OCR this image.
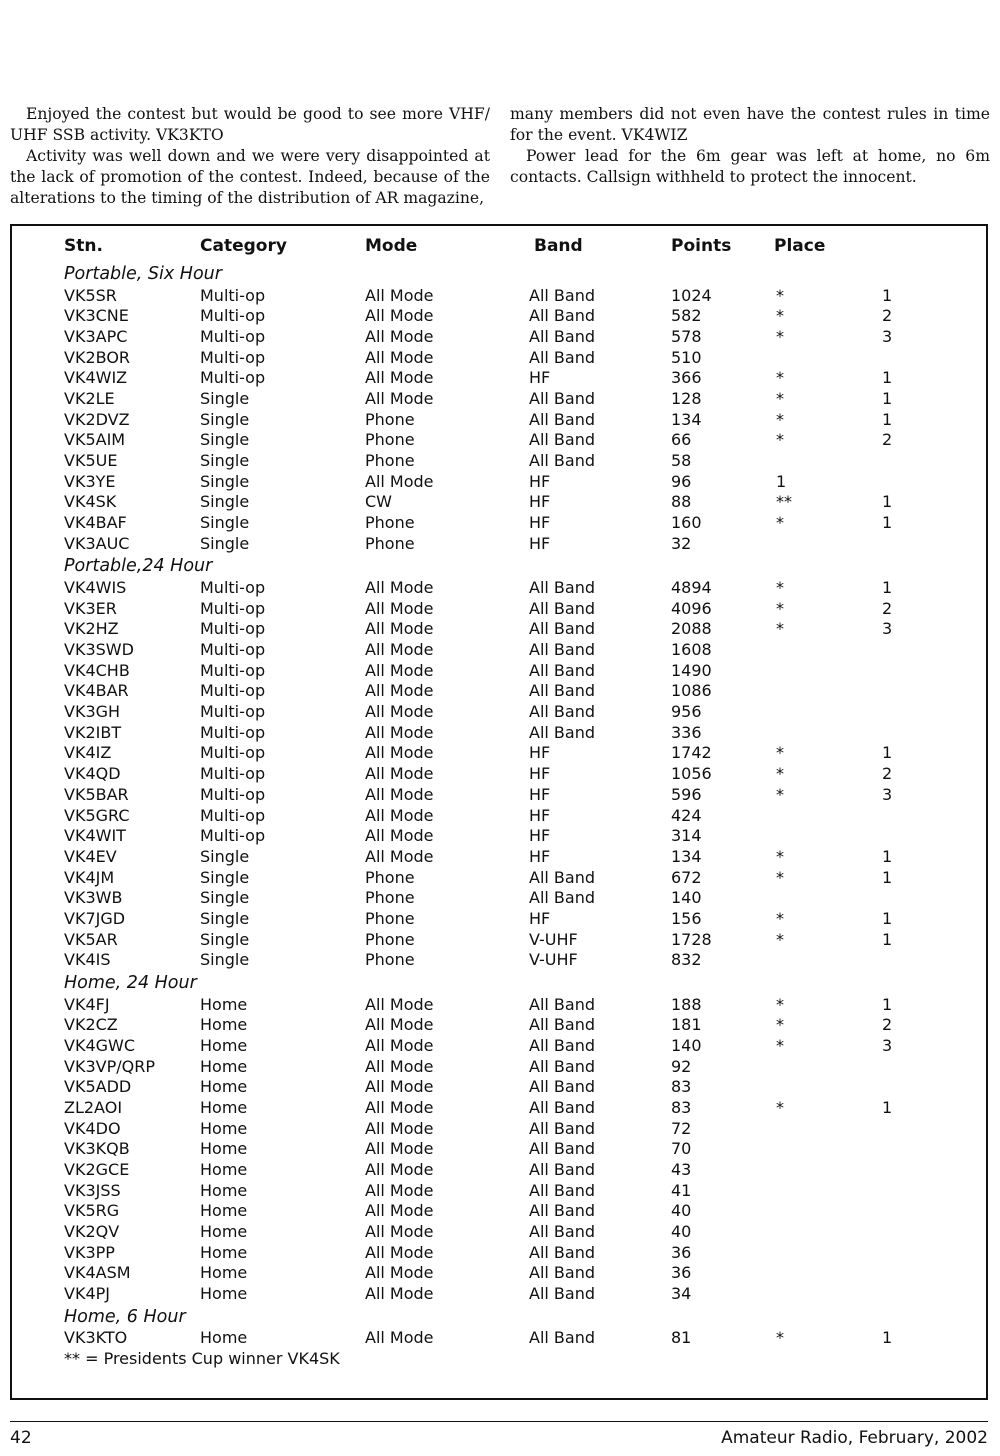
Enjoyed the contest but would be good to see more VHF/ UHF SSB activity. VK3KTO

Activity was well down and we were very disappointed at the lack of promotion of the contest. Indeed, because of the alterations to the timing of the distribution of AR magazine,

many members did not even have the contest rules in time for the event. VK4WIZ

Power lead for the 6m gear was left at home, no 6m contacts. Callsign withheld to protect the innocent.

Stn.	Category	Mode	Band	Points	Place
Portable, Six Hour
VK5SR	Multi-op	All Mode	All Band	1024	*	1
VK3CNE	Multi-op	All Mode	All Band	582	*	2
VK3APC	Multi-op	All Mode	All Band	578	*	3
VK2BOR	Multi-op	All Mode	All Band	510
VK4WIZ	Multi-op	All Mode	HF	366	*	1
VK2LE	Single	All Mode	All Band	128	*	1
VK2DVZ	Single	Phone	All Band	134	*	1
VK5AIM	Single	Phone	All Band	66	*	2
VK5UE	Single	Phone	All Band	58
VK3YE	Single	All Mode	HF	96	1
VK4SK	Single	CW	HF	88	**	1
VK4BAF	Single	Phone	HF	160	*	1
VK3AUC	Single	Phone	HF	32
Portable,24 Hour
VK4WIS	Multi-op	All Mode	All Band	4894	*	1
VK3ER	Multi-op	All Mode	All Band	4096	*	2
VK2HZ	Multi-op	All Mode	All Band	2088	*	3
VK3SWD	Multi-op	All Mode	All Band	1608
VK4CHB	Multi-op	All Mode	All Band	1490
VK4BAR	Multi-op	All Mode	All Band	1086
VK3GH	Multi-op	All Mode	All Band	956
VK2IBT	Multi-op	All Mode	All Band	336
VK4IZ	Multi-op	All Mode	HF	1742	*	1
VK4QD	Multi-op	All Mode	HF	1056	*	2
VK5BAR	Multi-op	All Mode	HF	596	*	3
VK5GRC	Multi-op	All Mode	HF	424
VK4WIT	Multi-op	All Mode	HF	314
VK4EV	Single	All Mode	HF	134	*	1
VK4JM	Single	Phone	All Band	672	*	1
VK3WB	Single	Phone	All Band	140
VK7JGD	Single	Phone	HF	156	*	1
VK5AR	Single	Phone	V-UHF	1728	*	1
VK4IS	Single	Phone	V-UHF	832
Home, 24 Hour
VK4FJ	Home	All Mode	All Band	188	*	1
VK2CZ	Home	All Mode	All Band	181	*	2
VK4GWC	Home	All Mode	All Band	140	*	3
VK3VP/QRP	Home	All Mode	All Band	92
VK5ADD	Home	All Mode	All Band	83
ZL2AOI	Home	All Mode	All Band	83	*	1
VK4DO	Home	All Mode	All Band	72
VK3KQB	Home	All Mode	All Band	70
VK2GCE	Home	All Mode	All Band	43
VK3JSS	Home	All Mode	All Band	41
VK5RG	Home	All Mode	All Band	40
VK2QV	Home	All Mode	All Band	40
VK3PP	Home	All Mode	All Band	36
VK4ASM	Home	All Mode	All Band	36
VK4PJ	Home	All Mode	All Band	34
Home, 6 Hour
VK3KTO	Home	All Mode	All Band	81	*	1
** = Presidents Cup winner VK4SK
42	Amateur Radio, February, 2002
